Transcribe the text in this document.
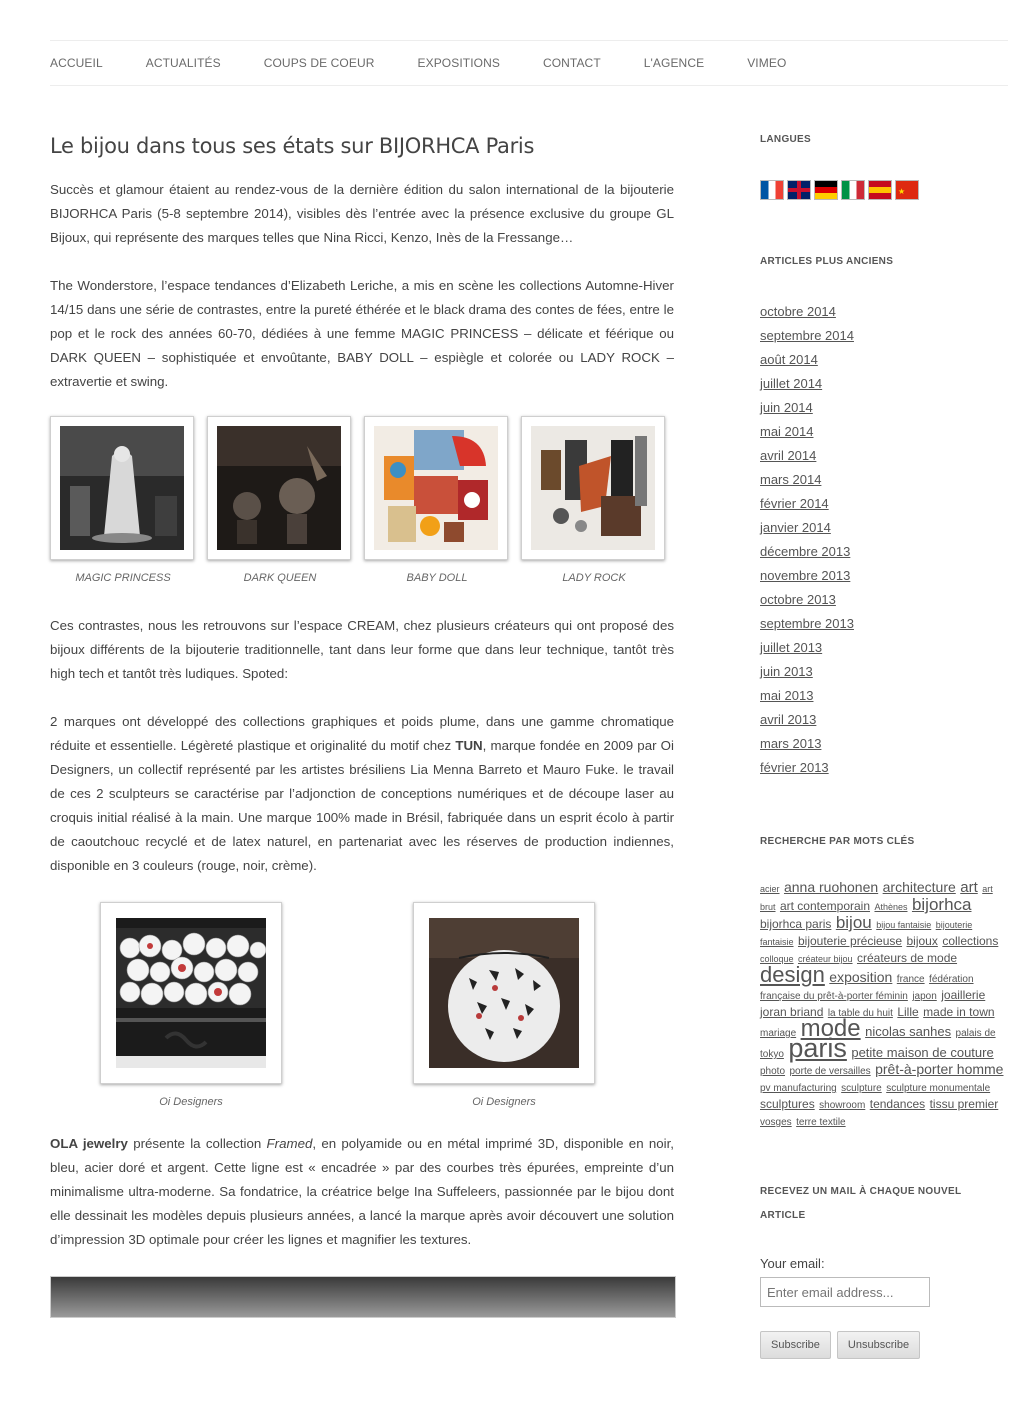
ACCUEIL	ACTUALITÉS	COUPS DE COEUR	EXPOSITIONS	CONTACT	L'AGENCE	VIMEO
Le bijou dans tous ses états sur BIJORHCA Paris

Succès et glamour étaient au rendez-vous de la dernière édition du salon international de la bijouterie BIJORHCA Paris (5-8 septembre 2014), visibles dès l’entrée avec la présence exclusive du groupe GL Bijoux, qui représente des marques telles que Nina Ricci, Kenzo, Inès de la Fressange…

The Wonderstore, l’espace tendances d’Elizabeth Leriche, a mis en scène les collections Automne-Hiver 14/15 dans une série de contrastes, entre la pureté éthérée et le black drama des contes de fées, entre le pop et le rock des années 60-70, dédiées à une femme MAGIC PRINCESS – délicate et féérique ou DARK QUEEN – sophistiquée et envoûtante, BABY DOLL – espiègle et colorée ou LADY ROCK – extravertie et swing.

MAGIC PRINCESS	DARK QUEEN	BABY DOLL	LADY ROCK

Ces contrastes, nous les retrouvons sur l’espace CREAM, chez plusieurs créateurs qui ont proposé des bijoux différents de la bijouterie traditionnelle, tant dans leur forme que dans leur technique, tantôt très high tech et tantôt très ludiques. Spoted:

2 marques ont développé des collections graphiques et poids plume, dans une gamme chromatique réduite et essentielle. Légèreté plastique et originalité du motif chez TUN, marque fondée en 2009 par Oi Designers, un collectif représenté par les artistes brésiliens Lia Menna Barreto et Mauro Fuke. le travail de ces 2 sculpteurs se caractérise par l’adjonction de conceptions numériques et de découpe laser au croquis initial réalisé à la main. Une marque 100% made in Brésil, fabriquée dans un esprit écolo à partir de caoutchouc recyclé et de latex naturel, en partenariat avec les réserves de production indiennes, disponible en 3 couleurs (rouge, noir, crème).

Oi Designers	Oi Designers

OLA jewelry présente la collection Framed, en polyamide ou en métal imprimé 3D, disponible en noir, bleu, acier doré et argent. Cette ligne est « encadrée » par des courbes très épurées, empreinte d’un minimalisme ultra-moderne. Sa fondatrice, la créatrice belge Ina Suffeleers, passionnée par le bijou dont elle dessinait les modèles depuis plusieurs années, a lancé la marque après avoir découvert une solution d’impression 3D optimale pour créer les lignes et magnifier les textures.

LANGUES
★
ARTICLES PLUS ANCIENS
octobre 2014
septembre 2014
août 2014
juillet 2014
juin 2014
mai 2014
avril 2014
mars 2014
février 2014
janvier 2014
décembre 2013
novembre 2013
octobre 2013
septembre 2013
juillet 2013
juin 2013
mai 2013
avril 2013
mars 2013
février 2013
RECHERCHE PAR MOTS CLÉS
acier anna ruohonen architecture art art brut art contemporain Athènes bijorhca bijorhca paris bijou bijou fantaisie bijouterie fantaisie bijouterie précieuse bijoux collections colloque créateur bijou créateurs de mode design exposition france fédération française du prêt-à-porter féminin japon joaillerie joran briand la table du huit Lille made in town mariage mode nicolas sanhes palais de tokyo paris petite maison de couture photo porte de versailles prêt-à-porter homme pv manufacturing sculpture sculpture monumentale sculptures showroom tendances tissu premier vosges terre textile
RECEVEZ UN MAIL À CHAQUE NOUVEL ARTICLE
Your email:
Enter email address...
Subscribe	Unsubscribe
